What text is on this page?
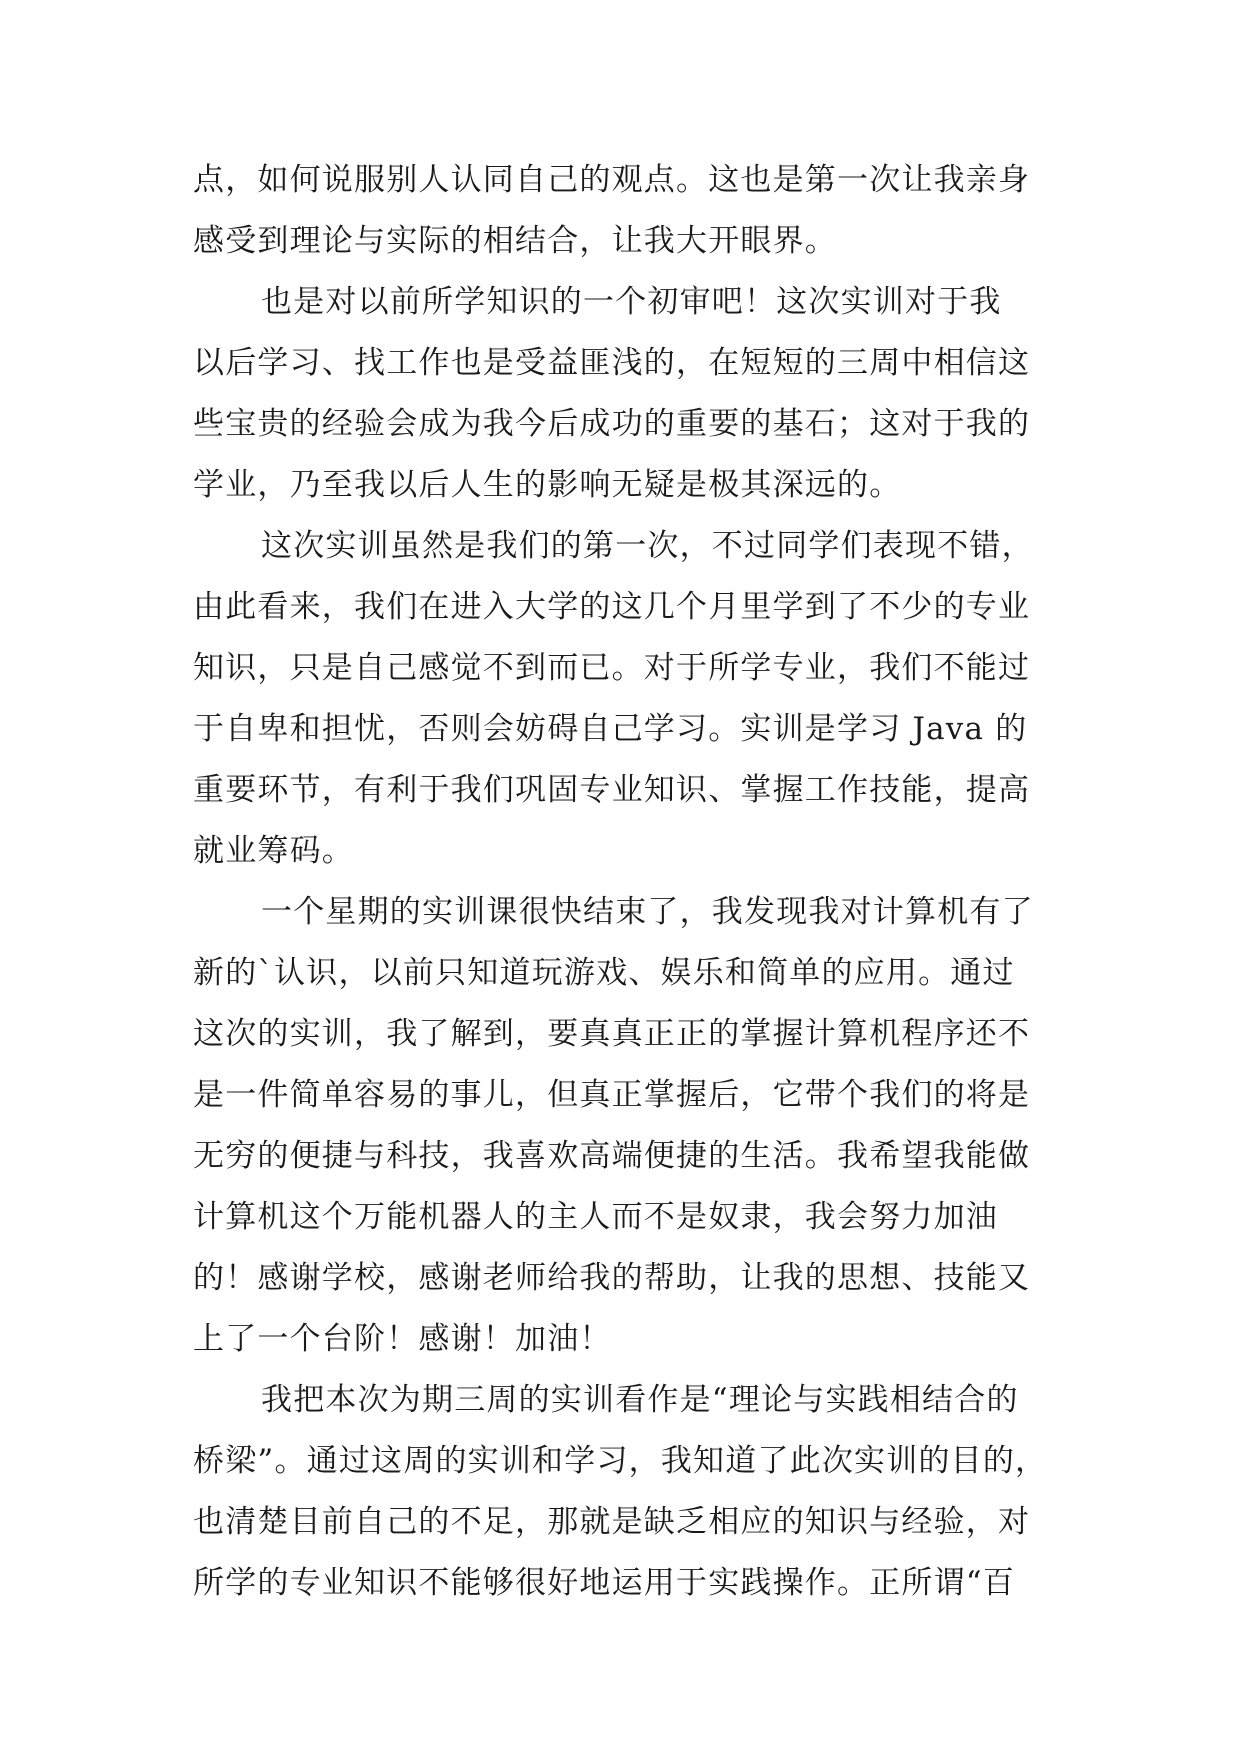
点，如何说服别人认同自己的观点。这也是第一次让我亲身
感受到理论与实际的相结合，让我大开眼界。
也是对以前所学知识的一个初审吧！这次实训对于我
以后学习、找工作也是受益匪浅的，在短短的三周中相信这
些宝贵的经验会成为我今后成功的重要的基石；这对于我的
学业，乃至我以后人生的影响无疑是极其深远的。
这次实训虽然是我们的第一次，不过同学们表现不错，
由此看来，我们在进入大学的这几个月里学到了不少的专业
知识，只是自己感觉不到而已。对于所学专业，我们不能过
于自卑和担忧，否则会妨碍自己学习。实训是学习 Java 的
重要环节，有利于我们巩固专业知识、掌握工作技能，提高
就业筹码。
一个星期的实训课很快结束了，我发现我对计算机有了
新的`认识，以前只知道玩游戏、娱乐和简单的应用。通过
这次的实训，我了解到，要真真正正的掌握计算机程序还不
是一件简单容易的事儿，但真正掌握后，它带个我们的将是
无穷的便捷与科技，我喜欢高端便捷的生活。我希望我能做
计算机这个万能机器人的主人而不是奴隶，我会努力加油
的！感谢学校，感谢老师给我的帮助，让我的思想、技能又
上了一个台阶！感谢！加油！
我把本次为期三周的实训看作是“理论与实践相结合的
桥梁”。通过这周的实训和学习，我知道了此次实训的目的，
也清楚目前自己的不足，那就是缺乏相应的知识与经验，对
所学的专业知识不能够很好地运用于实践操作。正所谓“百
